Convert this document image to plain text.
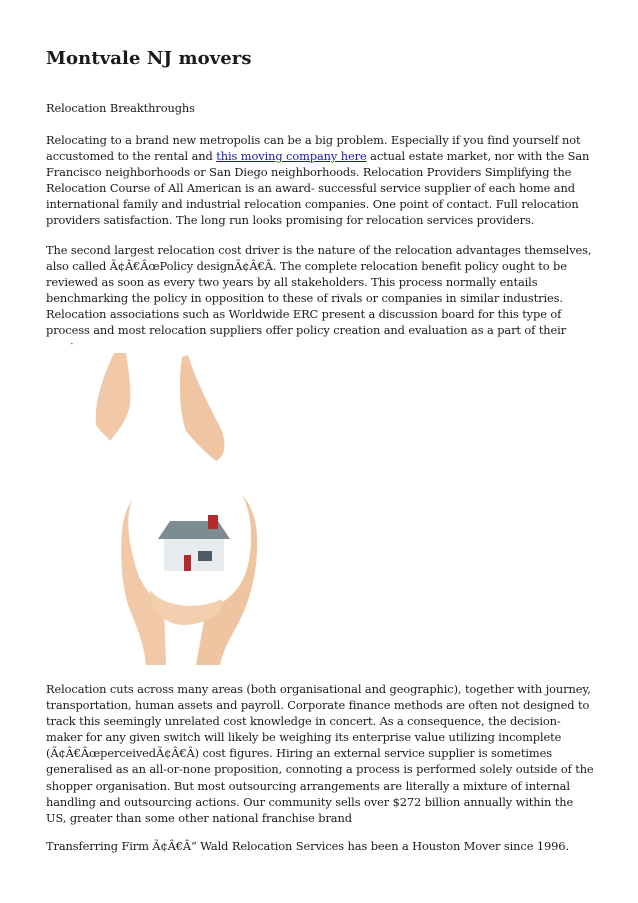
Montvale NJ movers

Relocation Breakthroughs

Relocating to a brand new metropolis can be a big problem. Especially if you find yourself not accustomed to the rental and this moving company here actual estate market, nor with the San Francisco neighborhoods or San Diego neighborhoods. Relocation Providers Simplifying the Relocation Course of All American is an award- successful service supplier of each home and international family and industrial relocation companies. One point of contact. Full relocation providers satisfaction. The long run looks promising for relocation services providers.

The second largest relocation cost driver is the nature of the relocation advantages themselves, also called Ã¢Â€ÂœPolicy designÃ¢Â€Â. The complete relocation benefit policy ought to be reviewed as soon as every two years by all stakeholders. This process normally entails benchmarking the policy in opposition to these of rivals or companies in similar industries. Relocation associations such as Worldwide ERC present a discussion board for this type of process and most relocation suppliers offer policy creation and evaluation as a part of their

Relocation cuts across many areas (both organisational and geographic), together with journey, transportation, human assets and payroll. Corporate finance methods are often not designed to track this seemingly unrelated cost knowledge in concert. As a consequence, the decision-maker for any given switch will likely be weighing its enterprise value utilizing incomplete (Ã¢Â€ÂœperceivedÃ¢Â€Â) cost figures. Hiring an external service supplier is sometimes generalised as an all-or-none proposition, connoting a process is performed solely outside of the shopper organisation. But most outsourcing arrangements are literally a mixture of internal handling and outsourcing actions. Our community sells over $272 billion annually within the US, greater than some other national franchise brand

Transferring Firm Ã¢Â€Â“ Wald Relocation Services has been a Houston Mover since 1996.
